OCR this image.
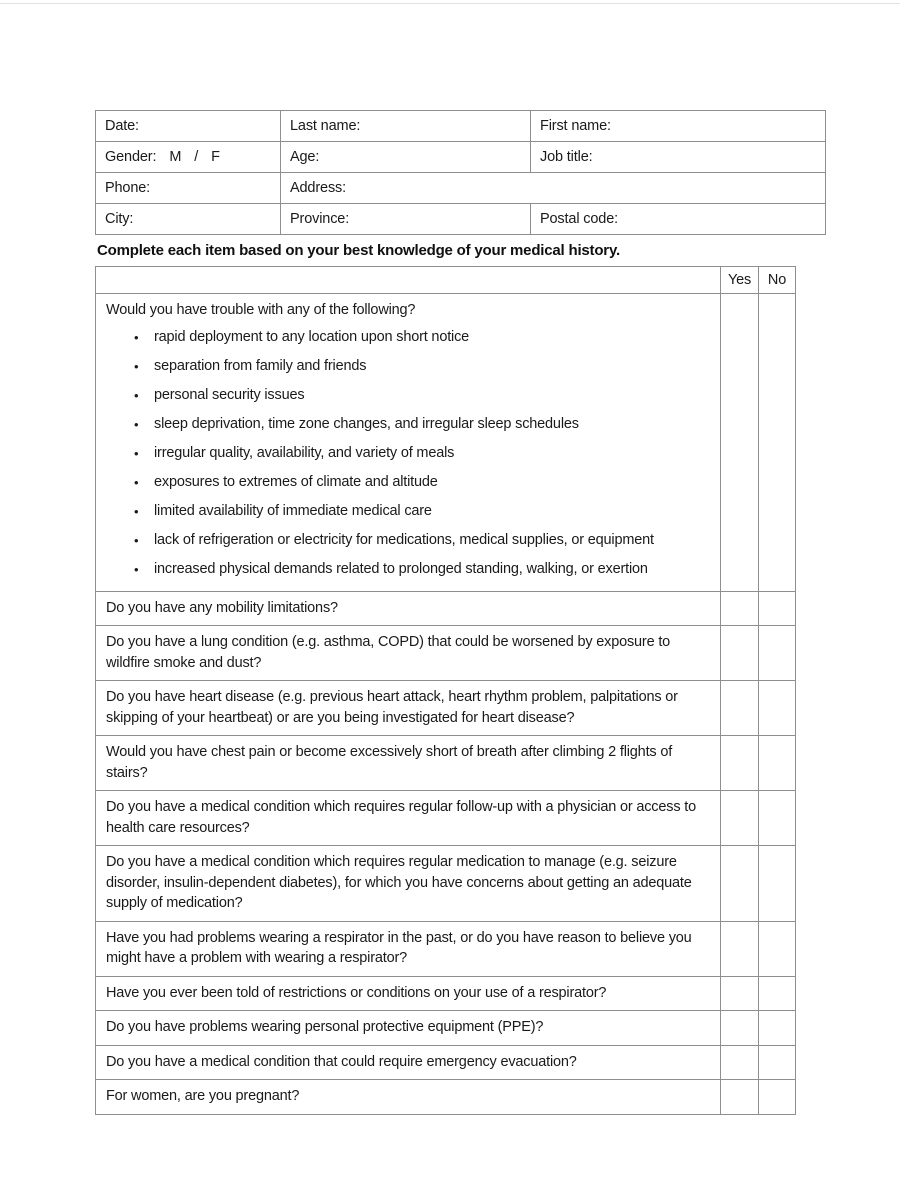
Date:	Last name:	First name:
Gender: M / F	Age:	Job title:
Phone:	Address:	
City:	Province:	Postal code:
Complete each item based on your best knowledge of your medical history.
	Yes	No

Would you have trouble with any of the following?
• rapid deployment to any location upon short notice
• separation from family and friends
• personal security issues
• sleep deprivation, time zone changes, and irregular sleep schedules
• irregular quality, availability, and variety of meals
• exposures to extremes of climate and altitude
• limited availability of immediate medical care
• lack of refrigeration or electricity for medications, medical supplies, or equipment
• increased physical demands related to prolonged standing, walking, or exertion

Do you have any mobility limitations?		
Do you have a lung condition (e.g. asthma, COPD) that could be worsened by exposure to wildfire smoke and dust?		
Do you have heart disease (e.g. previous heart attack, heart rhythm problem, palpitations or skipping of your heartbeat) or are you being investigated for heart disease?		
Would you have chest pain or become excessively short of breath after climbing 2 flights of stairs?		
Do you have a medical condition which requires regular follow-up with a physician or access to health care resources?		
Do you have a medical condition which requires regular medication to manage (e.g. seizure disorder, insulin-dependent diabetes), for which you have concerns about getting an adequate supply of medication?		
Have you had problems wearing a respirator in the past, or do you have reason to believe you might have a problem with wearing a respirator?		
Have you ever been told of restrictions or conditions on your use of a respirator?		
Do you have problems wearing personal protective equipment (PPE)?		
Do you have a medical condition that could require emergency evacuation?		
For women, are you pregnant?		
